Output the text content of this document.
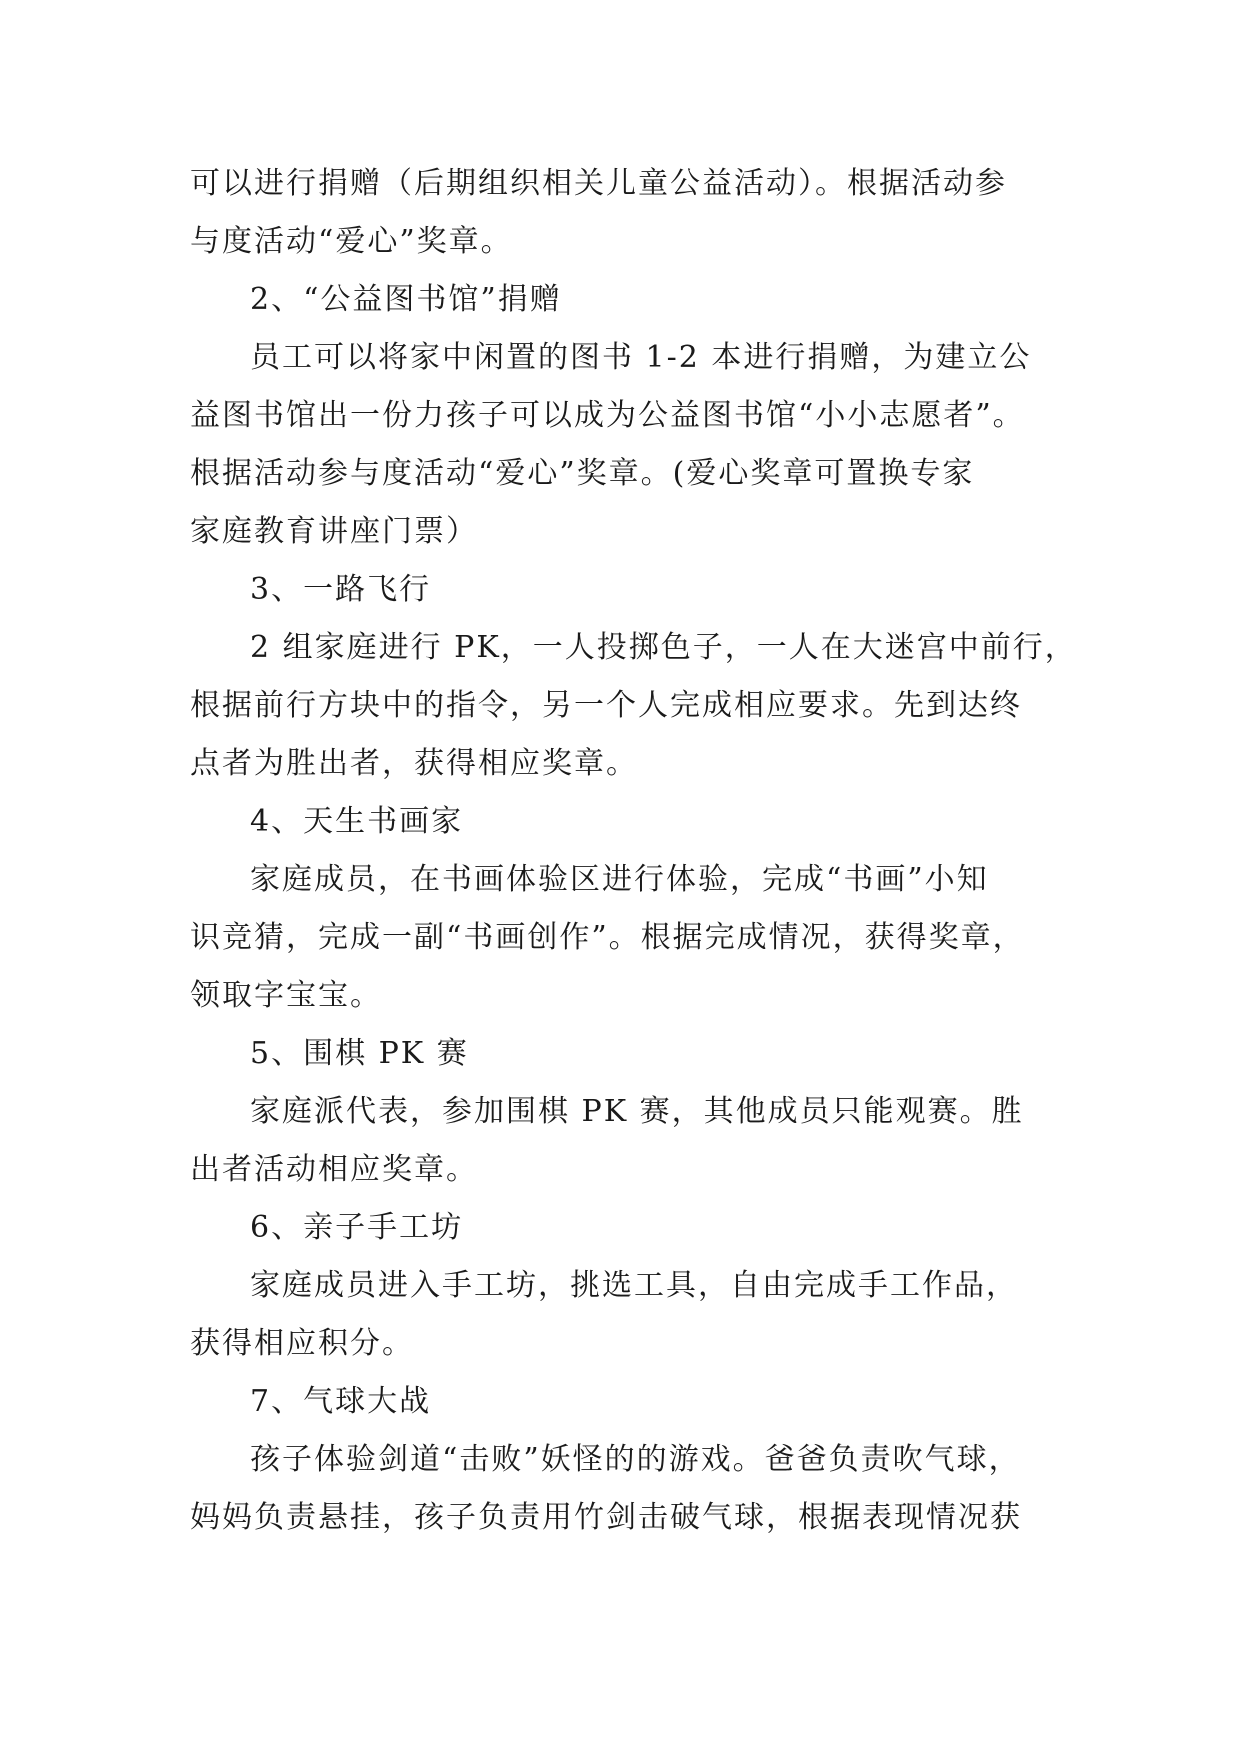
可以进行捐赠（后期组织相关儿童公益活动）。根据活动参

与度活动“爱心”奖章。

2、“公益图书馆”捐赠

员工可以将家中闲置的图书 1-2 本进行捐赠，为建立公

益图书馆出一份力孩子可以成为公益图书馆“小小志愿者”。

根据活动参与度活动“爱心”奖章。(爱心奖章可置换专家

家庭教育讲座门票）

3、一路飞行

2 组家庭进行 PK，一人投掷色子，一人在大迷宫中前行，

根据前行方块中的指令，另一个人完成相应要求。先到达终

点者为胜出者，获得相应奖章。

4、天生书画家

家庭成员，在书画体验区进行体验，完成“书画”小知

识竞猜，完成一副“书画创作”。根据完成情况，获得奖章，

领取字宝宝。

5、围棋 PK 赛

家庭派代表，参加围棋 PK 赛，其他成员只能观赛。胜

出者活动相应奖章。

6、亲子手工坊

家庭成员进入手工坊，挑选工具，自由完成手工作品，

获得相应积分。

7、气球大战

孩子体验剑道“击败”妖怪的的游戏。爸爸负责吹气球，

妈妈负责悬挂，孩子负责用竹剑击破气球，根据表现情况获
